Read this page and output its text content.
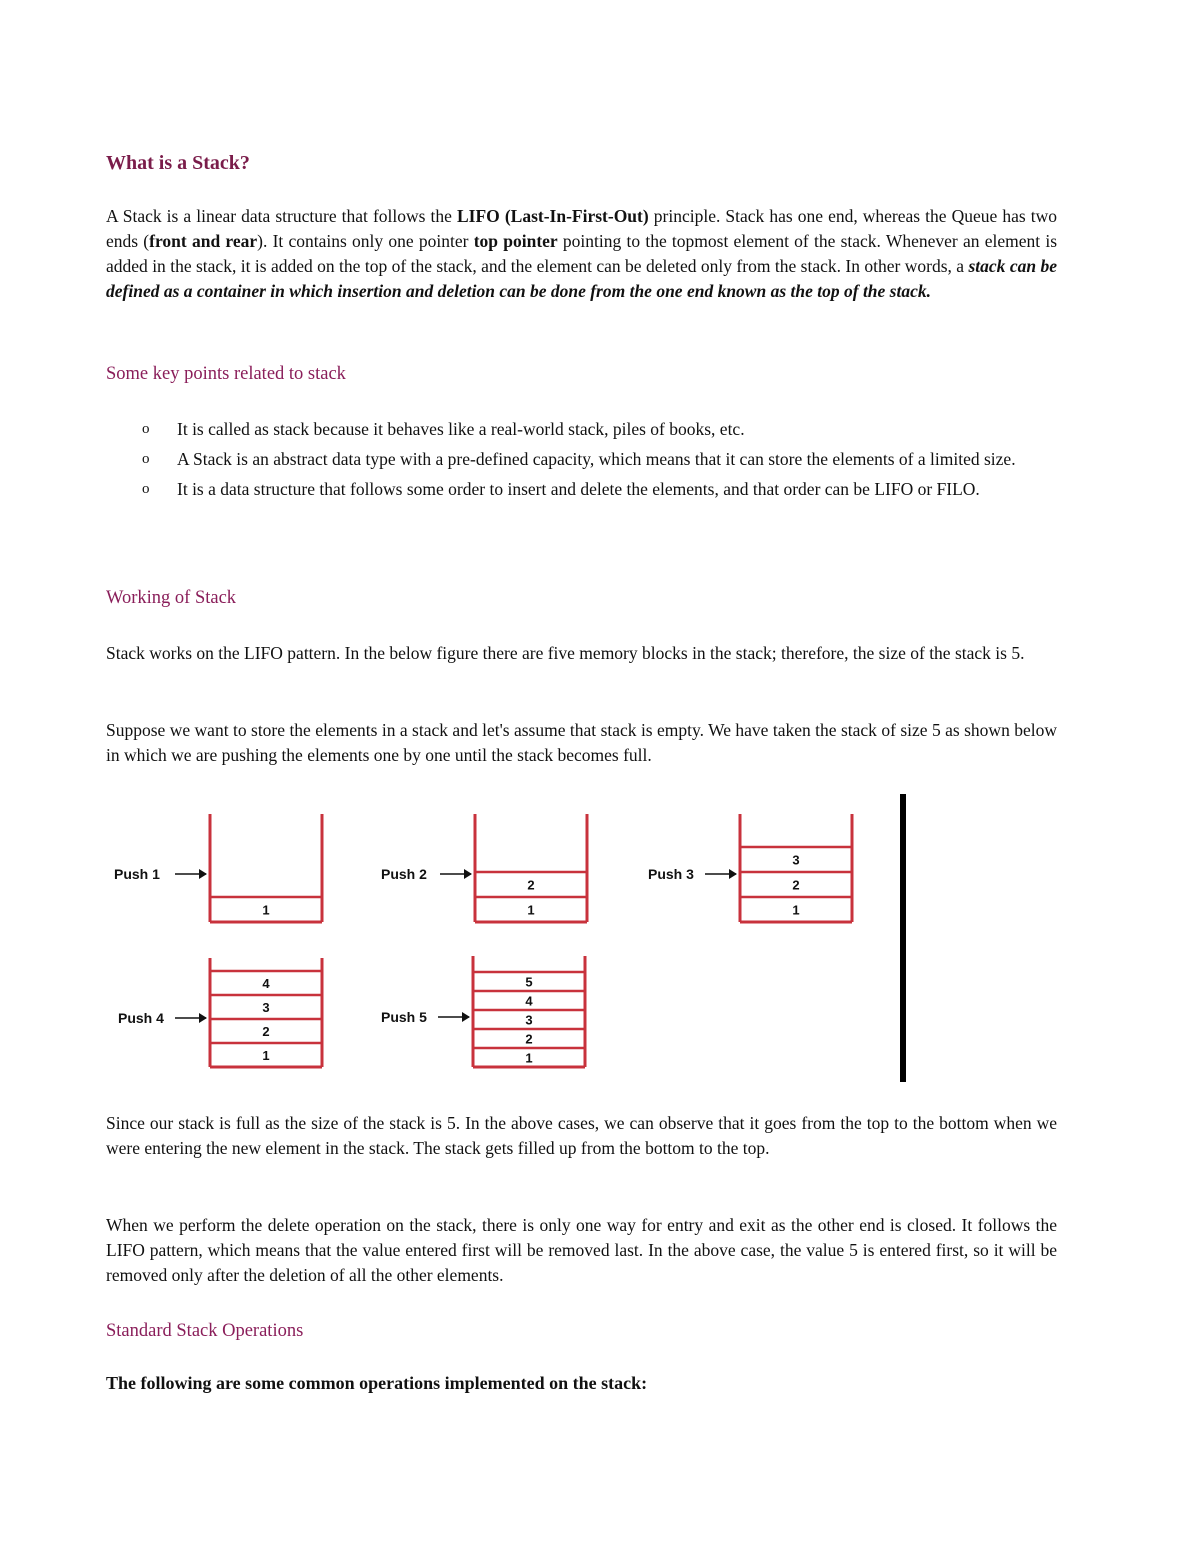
What is a Stack?

A Stack is a linear data structure that follows the LIFO (Last-In-First-Out) principle. Stack has one end, whereas the Queue has two ends (front and rear). It contains only one pointer top pointer pointing to the topmost element of the stack. Whenever an element is added in the stack, it is added on the top of the stack, and the element can be deleted only from the stack. In other words, a stack can be defined as a container in which insertion and deletion can be done from the one end known as the top of the stack.

Some key points related to stack
o It is called as stack because it behaves like a real-world stack, piles of books, etc.
o A Stack is an abstract data type with a pre-defined capacity, which means that it can store the elements of a limited size.
o It is a data structure that follows some order to insert and delete the elements, and that order can be LIFO or FILO.
Working of Stack

Stack works on the LIFO pattern. In the below figure there are five memory blocks in the stack; therefore, the size of the stack is 5.

Suppose we want to store the elements in a stack and let's assume that stack is empty. We have taken the stack of size 5 as shown below in which we are pushing the elements one by one until the stack becomes full.

1
Push 1
1
2
Push 2
1
2
3
Push 3
1
2
3
4
Push 4
1
2
3
4
5
Push 5

Since our stack is full as the size of the stack is 5. In the above cases, we can observe that it goes from the top to the bottom when we were entering the new element in the stack. The stack gets filled up from the bottom to the top.

When we perform the delete operation on the stack, there is only one way for entry and exit as the other end is closed. It follows the LIFO pattern, which means that the value entered first will be removed last. In the above case, the value 5 is entered first, so it will be removed only after the deletion of all the other elements.

Standard Stack Operations
The following are some common operations implemented on the stack:
